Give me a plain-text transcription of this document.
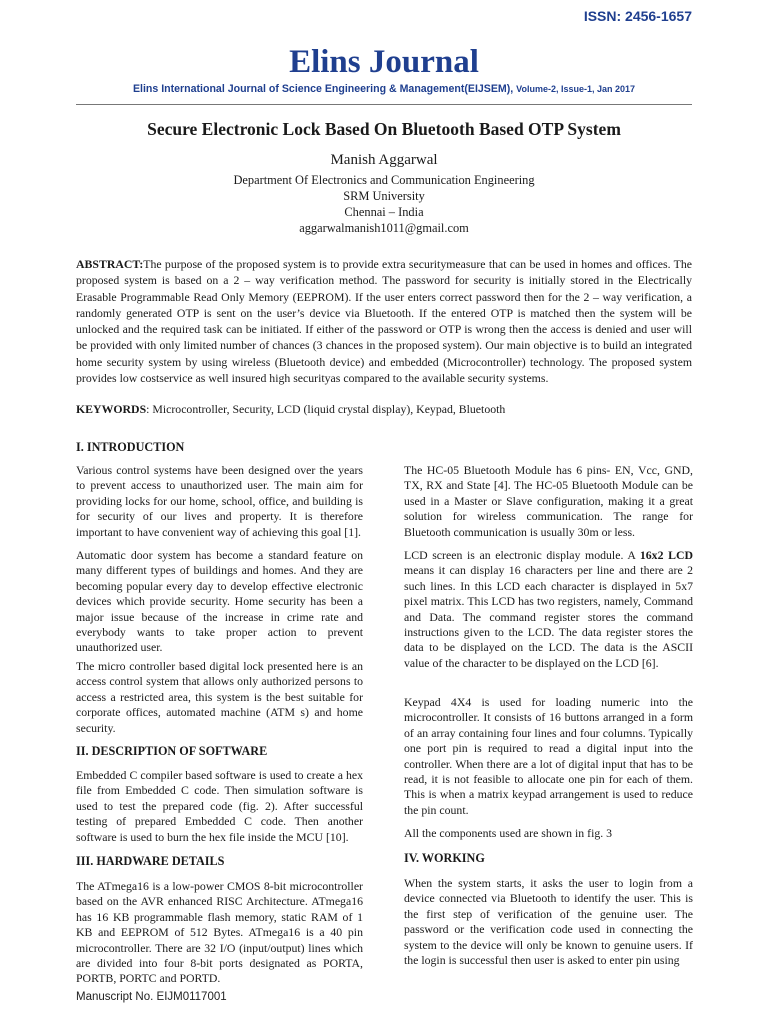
ISSN: 2456-1657
Elins Journal
Elins International Journal of Science Engineering & Management(EIJSEM), Volume-2, Issue-1, Jan 2017
Secure Electronic Lock Based On Bluetooth Based OTP System
Manish Aggarwal
Department Of Electronics and Communication Engineering
SRM University
Chennai – India
aggarwalmanish1011@gmail.com
ABSTRACT:The purpose of the proposed system is to provide extra securitymeasure that can be used in homes and offices. The proposed system is based on a 2 – way verification method. The password for security is initially stored in the Electrically Erasable Programmable Read Only Memory (EEPROM). If the user enters correct password then for the 2 – way verification, a randomly generated OTP is sent on the user’s device via Bluetooth. If the entered OTP is matched then the system will be unlocked and the required task can be initiated. If either of the password or OTP is wrong then the access is denied and user will be provided with only limited number of chances (3 chances in the proposed system). Our main objective is to build an integrated home security system by using wireless (Bluetooth device) and embedded (Microcontroller) technology. The proposed system provides low costservice as well insured high securityas compared to the available security systems.
KEYWORDS: Microcontroller, Security, LCD (liquid crystal display), Keypad, Bluetooth
I. INTRODUCTION

Various control systems have been designed over the years to prevent access to unauthorized user. The main aim for providing locks for our home, school, office, and building is for security of our lives and property. It is therefore important to have convenient way of achieving this goal [1].

Automatic door system has become a standard feature on many different types of buildings and homes. And they are becoming popular every day to develop effective electronic devices which provide security. Home security has been a major issue because of the increase in crime rate and everybody wants to take proper action to prevent unauthorized user.

The micro controller based digital lock presented here is an access control system that allows only authorized persons to access a restricted area, this system is the best suitable for corporate offices, automated machine (ATM s) and home security.

II. DESCRIPTION OF SOFTWARE

Embedded C compiler based software is used to create a hex file from Embedded C code. Then simulation software is used to test the prepared code (fig. 2). After successful testing of prepared Embedded C code. Then another software is used to burn the hex file inside the MCU [10].

III. HARDWARE DETAILS

The ATmega16 is a low-power CMOS 8-bit microcontroller based on the AVR enhanced RISC Architecture. ATmega16 has 16 KB programmable flash memory, static RAM of 1 KB and EEPROM of 512 Bytes. ATmega16 is a 40 pin microcontroller. There are 32 I/O (input/output) lines which are divided into four 8-bit ports designated as PORTA, PORTB, PORTC and PORTD.

The HC-05 Bluetooth Module has 6 pins- EN, Vcc, GND, TX, RX and State [4]. The HC-05 Bluetooth Module can be used in a Master or Slave configuration, making it a great solution for wireless communication. The range for Bluetooth communication is usually 30m or less.

LCD screen is an electronic display module. A 16x2 LCD means it can display 16 characters per line and there are 2 such lines. In this LCD each character is displayed in 5x7 pixel matrix. This LCD has two registers, namely, Command and Data. The command register stores the command instructions given to the LCD. The data register stores the data to be displayed on the LCD. The data is the ASCII value of the character to be displayed on the LCD [6].

Keypad 4X4 is used for loading numeric into the microcontroller. It consists of 16 buttons arranged in a form of an array containing four lines and four columns. Typically one port pin is required to read a digital input into the controller. When there are a lot of digital input that has to be read, it is not feasible to allocate one pin for each of them. This is when a matrix keypad arrangement is used to reduce the pin count.

All the components used are shown in fig. 3

IV. WORKING

When the system starts, it asks the user to login from a device connected via Bluetooth to identify the user. This is the first step of verification of the genuine user. The password or the verification code used in connecting the system to the device will only be known to genuine users. If the login is successful then user is asked to enter pin using

Manuscript No. EIJM0117001
